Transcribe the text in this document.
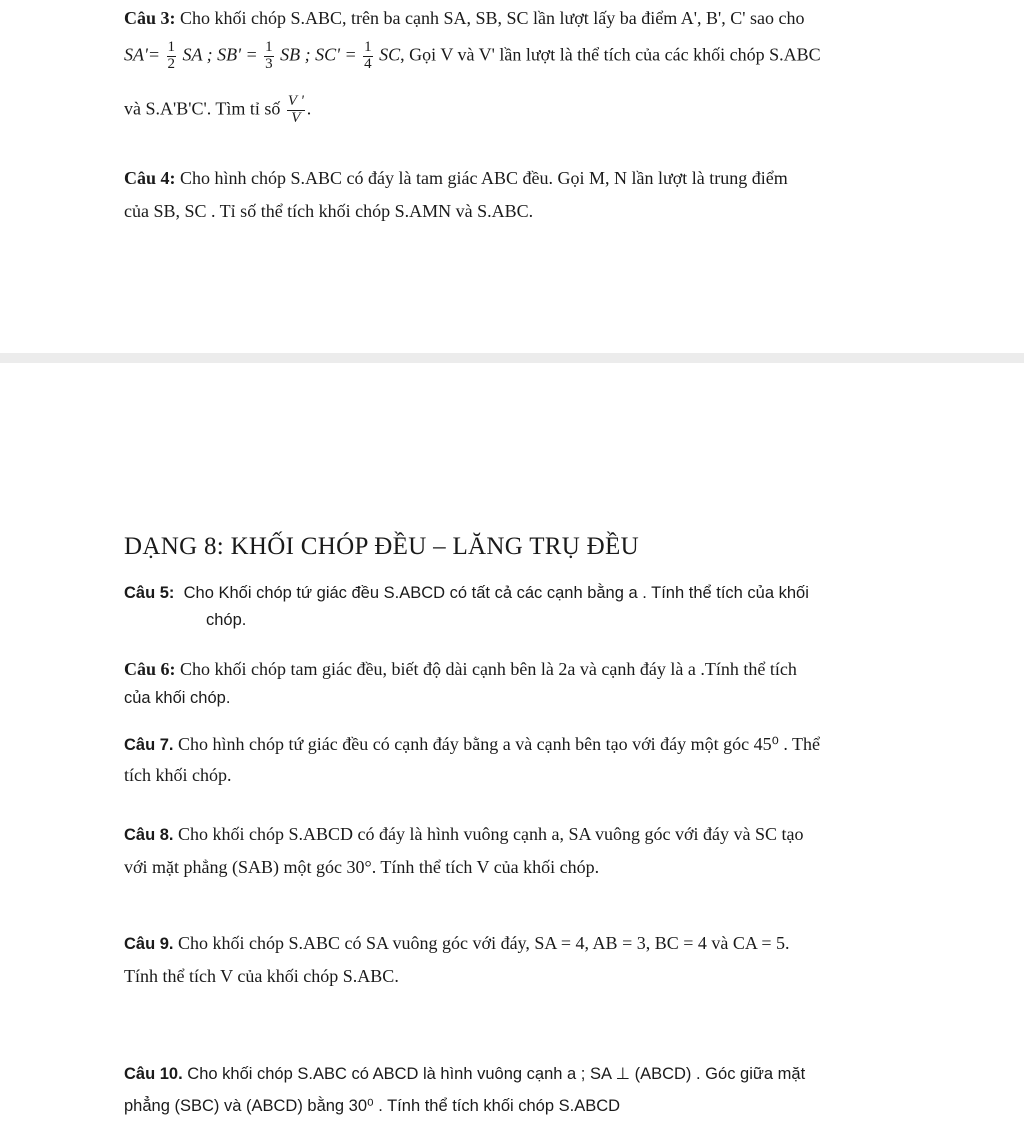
Câu 3: Cho khối chóp S.ABC, trên ba cạnh SA, SB, SC lần lượt lấy ba điểm A', B', C' sao cho
$SA'= \frac{1}{2}$ SA ; $SB' = \frac{1}{3}$ SB ; $SC' = \frac{1}{4}$ SC, Gọi V và V' lần lượt là thể tích của các khối chóp S.ABC
và S.A'B'C'. Tìm tỉ số $\frac{V '}{V}$ .
Câu 4: Cho hình chóp S.ABC có đáy là tam giác ABC đều. Gọi M, N lần lượt là trung điểm
của SB, SC . Tỉ số thể tích khối chóp S.AMN và S.ABC.
DẠNG 8: KHỐI CHÓP ĐỀU – LĂNG TRỤ ĐỀU
Câu 5: Cho Khối chóp tứ giác đều S.ABCD có tất cả các cạnh bằng a . Tính thể tích của khối
chóp.
Câu 6: Cho khối chóp tam giác đều, biết độ dài cạnh bên là 2a và cạnh đáy là a .Tính thể tích
của khối chóp.
Câu 7. Cho hình chóp tứ giác đều có cạnh đáy bằng a và cạnh bên tạo với đáy một góc 45⁰ . Thể
tích khối chóp.
Câu 8. Cho khối chóp S.ABCD có đáy là hình vuông cạnh a, SA vuông góc với đáy và SC tạo
với mặt phẳng (SAB) một góc 30°. Tính thể tích V của khối chóp.
Câu 9. Cho khối chóp S.ABC có SA vuông góc với đáy, SA = 4, AB = 3, BC = 4 và CA = 5.
Tính thể tích V của khối chóp S.ABC.
Câu 10. Cho khối chóp S.ABC có ABCD là hình vuông cạnh a ; SA ⊥ (ABCD) . Góc giữa mặt
phẳng (SBC) và (ABCD) bằng 30⁰ . Tính thể tích khối chóp S.ABCD
